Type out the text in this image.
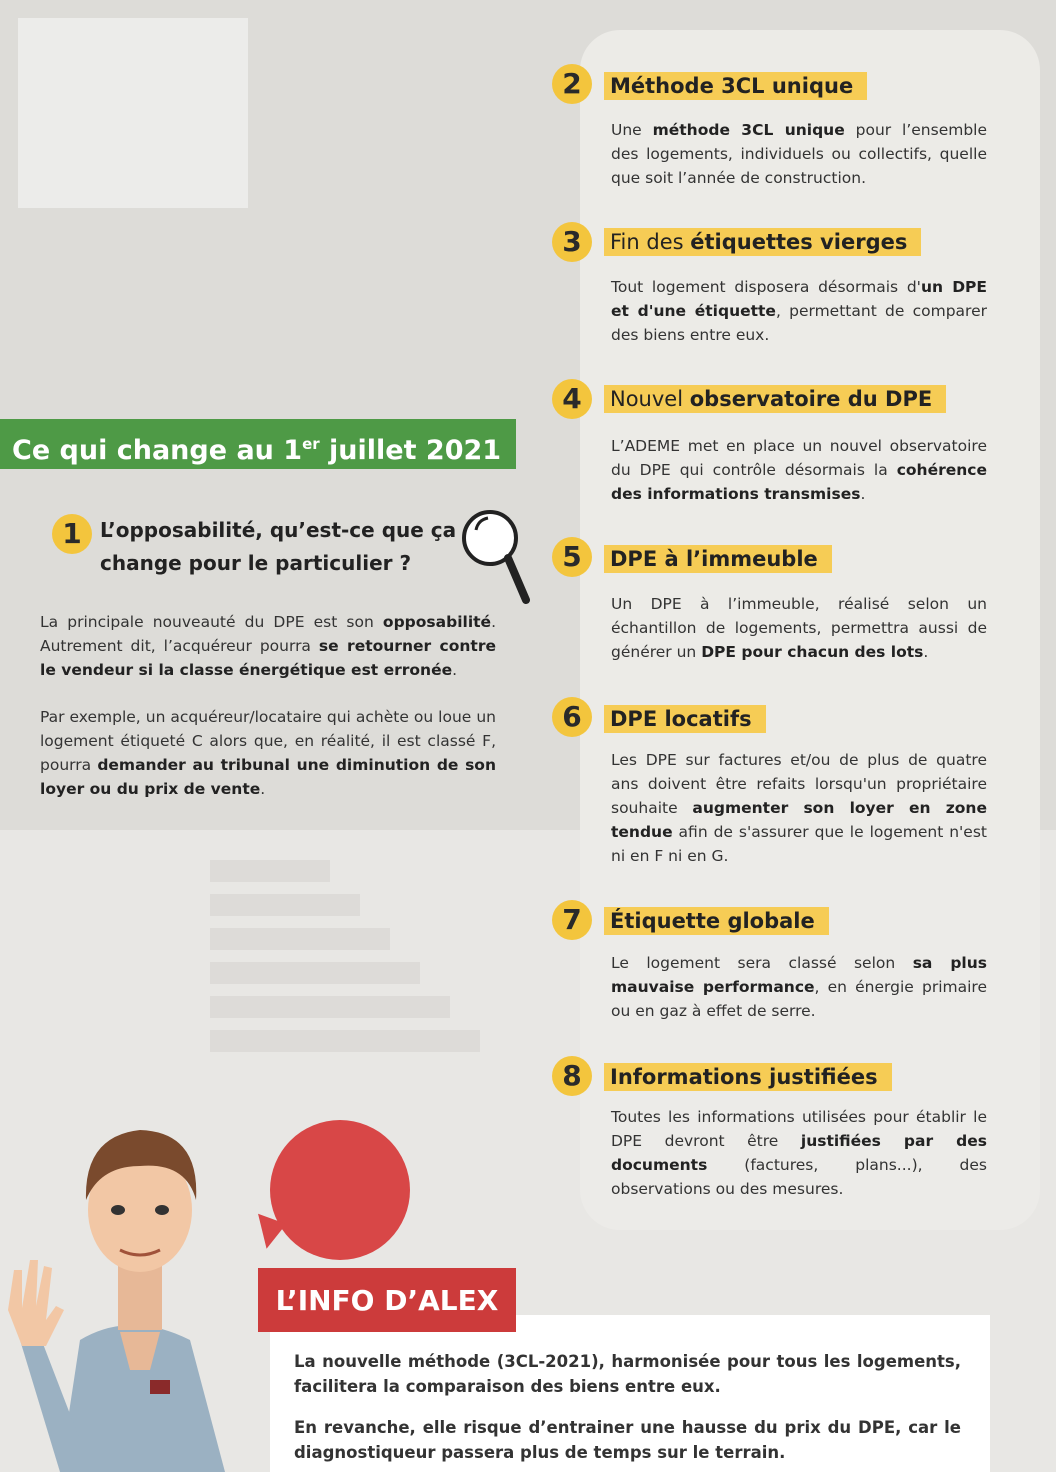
Ce qui change au 1er juillet 2021
1 L’opposabilité, qu’est-ce que ça change pour le particulier ?
La principale nouveauté du DPE est son opposabilité. Autrement dit, l’acquéreur pourra se retourner contre le vendeur si la classe énergétique est erronée.
Par exemple, un acquéreur/locataire qui achète ou loue un logement étiqueté C alors que, en réalité, il est classé F, pourra demander au tribunal une diminution de son loyer ou du prix de vente.
2	Méthode 3CL unique
Une méthode 3CL unique pour l’ensemble des logements, individuels ou collectifs, quelle que soit l’année de construction.
3	Fin des étiquettes vierges
Tout logement disposera désormais d'un DPE et d'une étiquette, permettant de comparer des biens entre eux.
4	Nouvel observatoire du DPE
L’ADEME met en place un nouvel observatoire du DPE qui contrôle désormais la cohérence des informations transmises.
5	DPE à l’immeuble
Un DPE à l’immeuble, réalisé selon un échantillon de logements, permettra aussi de générer un DPE pour chacun des lots.
6	DPE locatifs
Les DPE sur factures et/ou de plus de quatre ans doivent être refaits lorsqu'un propriétaire souhaite augmenter son loyer en zone tendue afin de s'assurer que le logement n'est ni en F ni en G.
7	Étiquette globale
Le logement sera classé selon sa plus mauvaise performance, en énergie primaire ou en gaz à effet de serre.
8	Informations justifiées
Toutes les informations utilisées pour établir le DPE devront être justifiées par des documents (factures, plans...), des observations ou des mesures.
L’INFO D’ALEX
La nouvelle méthode (3CL-2021), harmonisée pour tous les logements, facilitera la comparaison des biens entre eux.
En revanche, elle risque d’entrainer une hausse du prix du DPE, car le diagnostiqueur passera plus de temps sur le terrain.
